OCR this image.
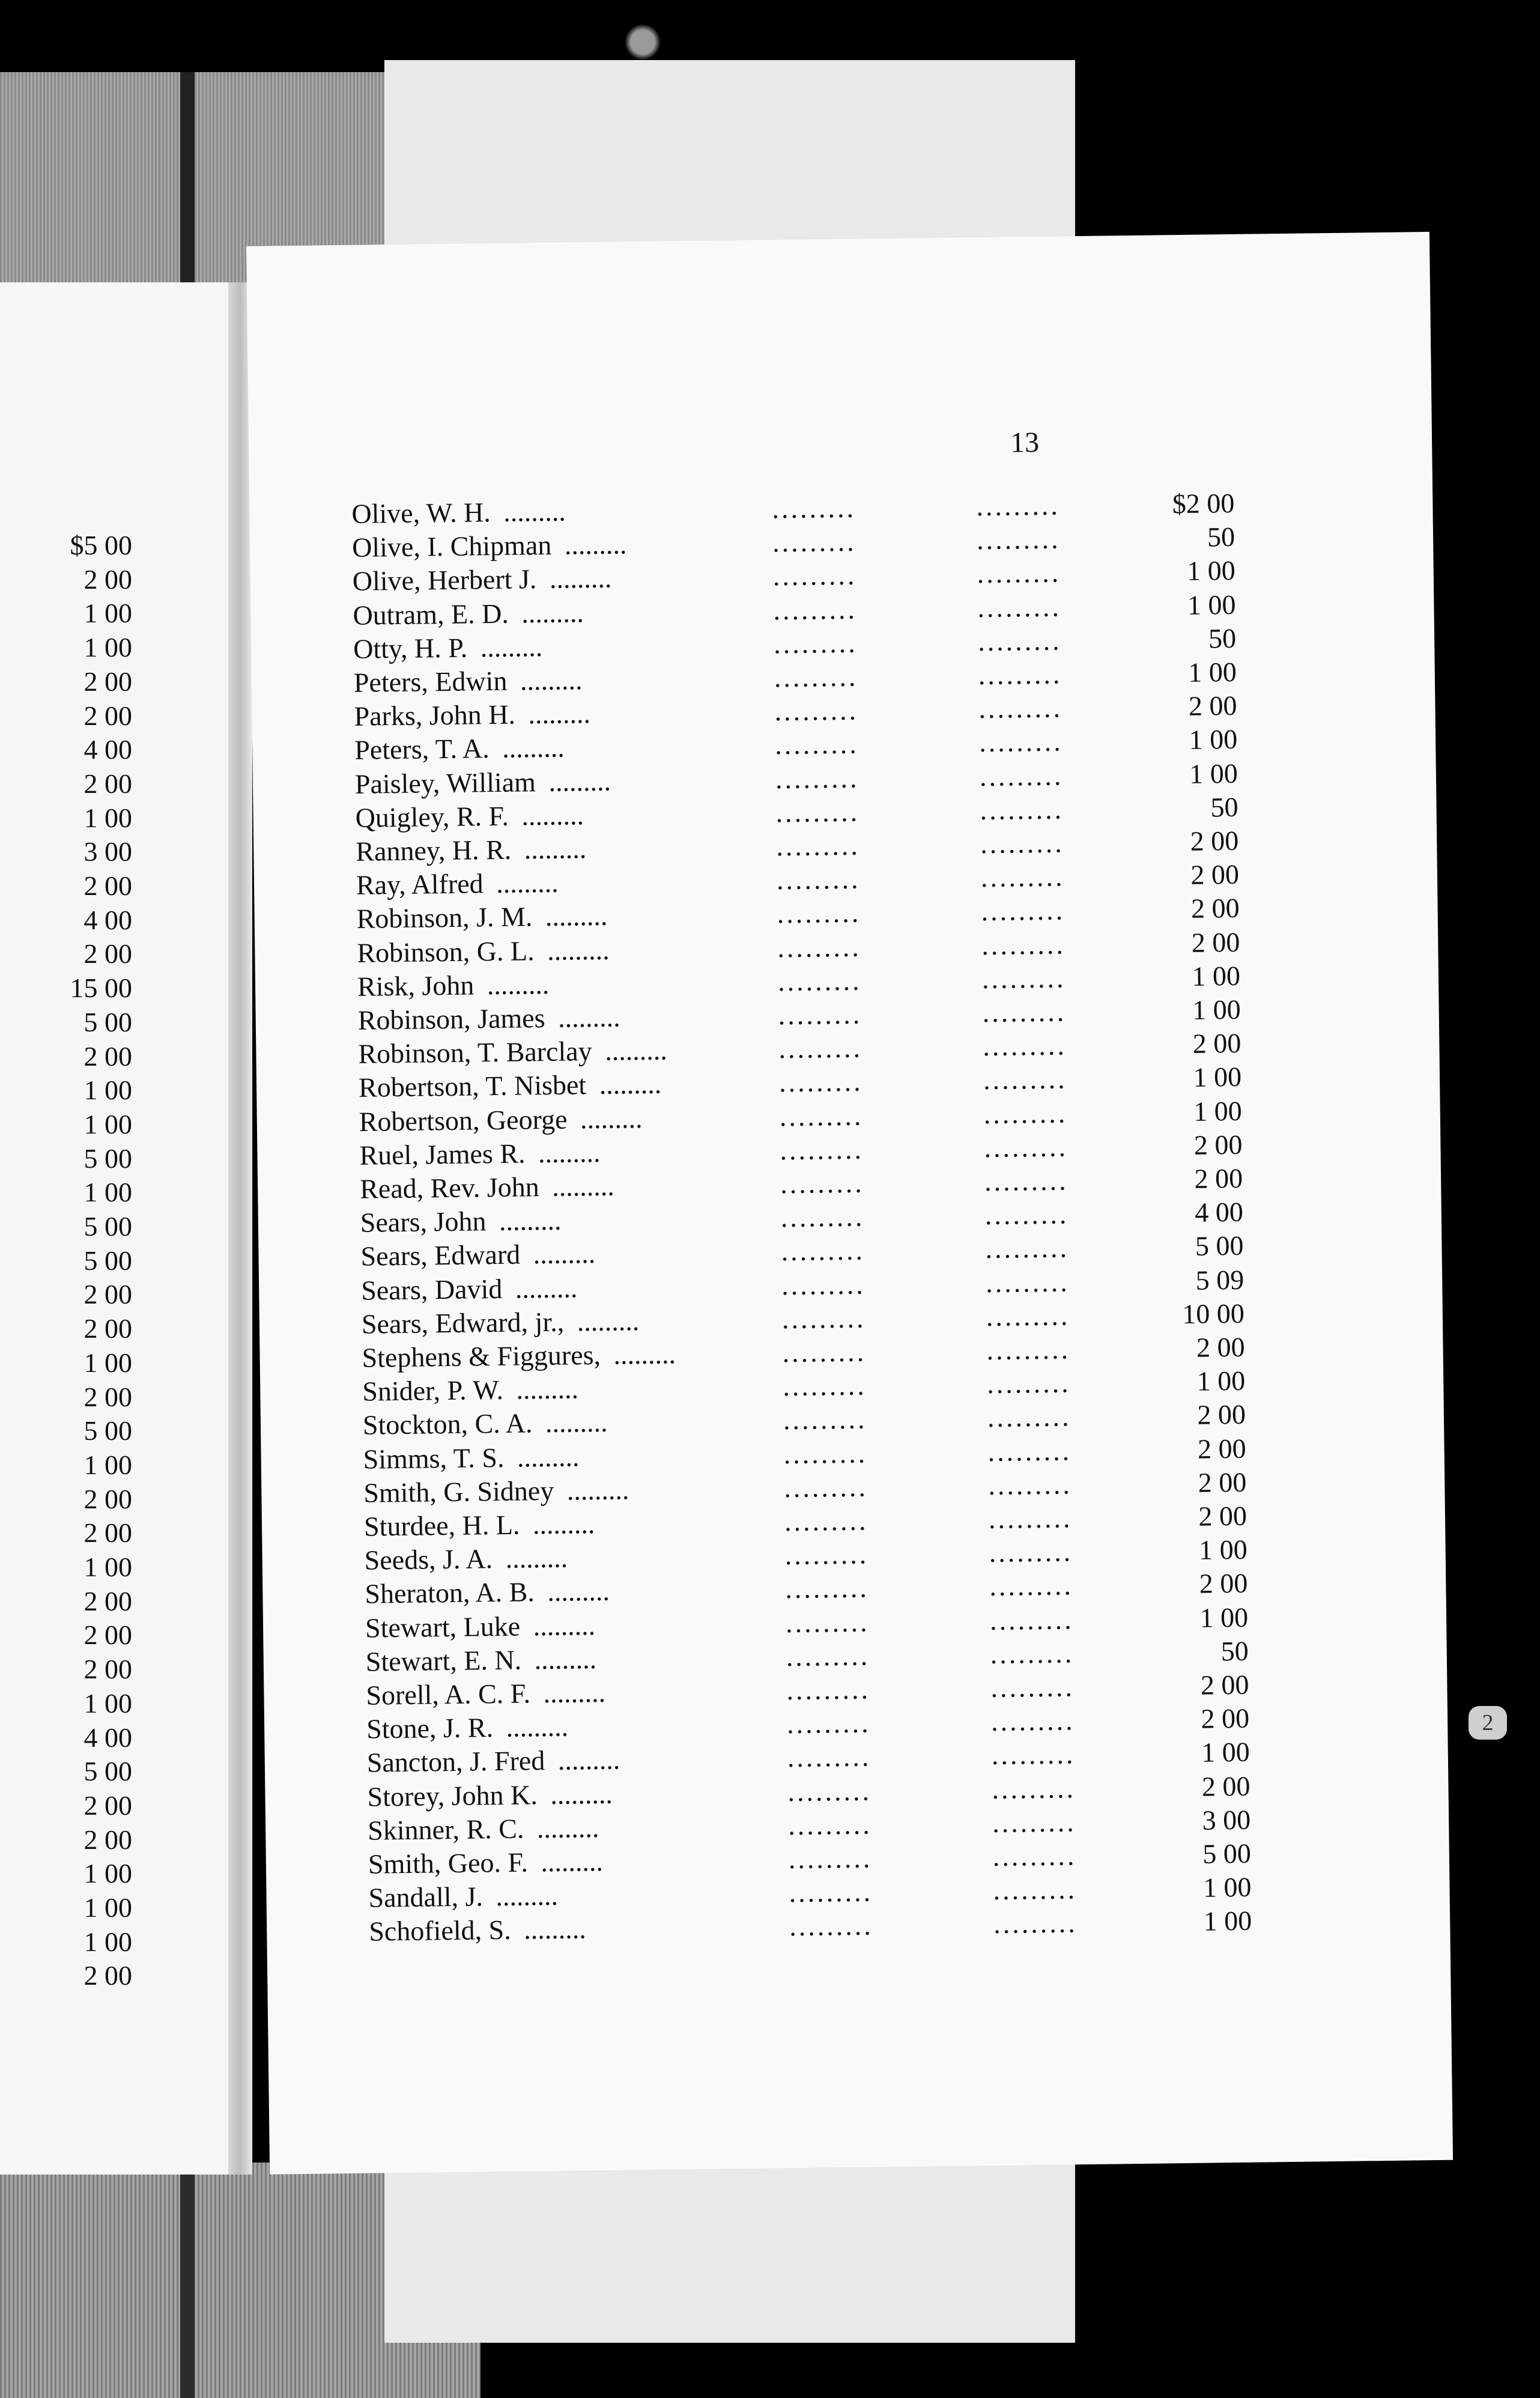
$5 00
2 00
1 00
1 00
2 00
2 00
4 00
2 00
1 00
3 00
2 00
4 00
2 00
15 00
5 00
2 00
1 00
1 00
5 00
1 00
5 00
5 00
2 00
2 00
1 00
2 00
5 00
1 00
2 00
2 00
1 00
2 00
2 00
2 00
1 00
4 00
5 00
2 00
2 00
1 00
1 00
1 00
2 00
13
Olive, W. H. .........	.........	.........	$2 00
Olive, I. Chipman .........	.........	.........	50
Olive, Herbert J. .........	.........	.........	1 00
Outram, E. D. .........	.........	.........	1 00
Otty, H. P. .........	.........	.........	50
Peters, Edwin .........	.........	.........	1 00
Parks, John H. .........	.........	.........	2 00
Peters, T. A. .........	.........	.........	1 00
Paisley, William .........	.........	.........	1 00
Quigley, R. F. .........	.........	.........	50
Ranney, H. R. .........	.........	.........	2 00
Ray, Alfred .........	.........	.........	2 00
Robinson, J. M. .........	.........	.........	2 00
Robinson, G. L. .........	.........	.........	2 00
Risk, John .........	.........	.........	1 00
Robinson, James .........	.........	.........	1 00
Robinson, T. Barclay .........	.........	.........	2 00
Robertson, T. Nisbet .........	.........	.........	1 00
Robertson, George .........	.........	.........	1 00
Ruel, James R. .........	.........	.........	2 00
Read, Rev. John .........	.........	.........	2 00
Sears, John .........	.........	.........	4 00
Sears, Edward .........	.........	.........	5 00
Sears, David .........	.........	.........	5 09
Sears, Edward, jr., .........	.........	.........	10 00
Stephens & Figgures, .........	.........	.........	2 00
Snider, P. W. .........	.........	.........	1 00
Stockton, C. A. .........	.........	.........	2 00
Simms, T. S. .........	.........	.........	2 00
Smith, G. Sidney .........	.........	.........	2 00
Sturdee, H. L. .........	.........	.........	2 00
Seeds, J. A. .........	.........	.........	1 00
Sheraton, A. B. .........	.........	.........	2 00
Stewart, Luke .........	.........	.........	1 00
Stewart, E. N. .........	.........	.........	50
Sorell, A. C. F. .........	.........	.........	2 00
Stone, J. R. .........	.........	.........	2 00
Sancton, J. Fred .........	.........	.........	1 00
Storey, John K. .........	.........	.........	2 00
Skinner, R. C. .........	.........	.........	3 00
Smith, Geo. F. .........	.........	.........	5 00
Sandall, J. .........	.........	.........	1 00
Schofield, S. .........	.........	.........	1 00
2
